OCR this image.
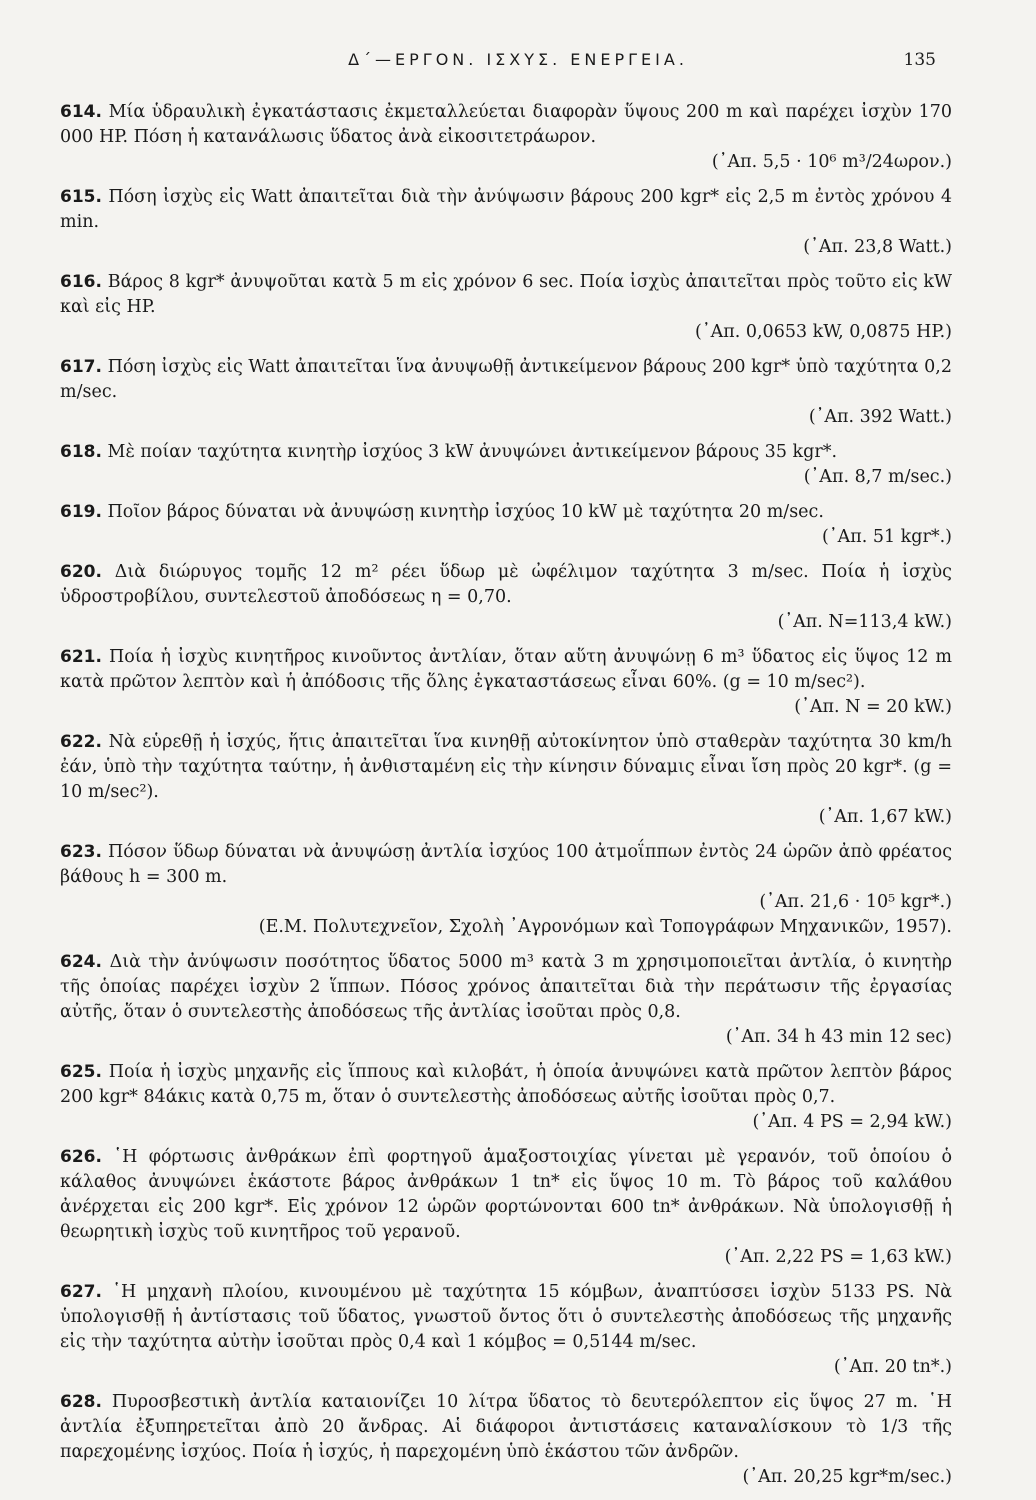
Δ΄—ΕΡΓΟΝ. ΙΣΧΥΣ. ΕΝΕΡΓΕΙΑ.	135
614. Μία ὑδραυλικὴ ἐγκατάστασις ἐκμεταλλεύεται διαφορὰν ὕψους 200 m καὶ παρέχει ἰσχὺν 170 000 HP. Πόση ἡ κατανάλωσις ὕδατος ἀνὰ εἰκοσιτετράωρον.
(᾿Απ. 5,5 · 10⁶ m³/24ωρον.)
615. Πόση ἰσχὺς εἰς Watt ἀπαιτεῖται διὰ τὴν ἀνύψωσιν βάρους 200 kgr* εἰς 2,5 m ἐντὸς χρόνου 4 min.
(᾿Απ. 23,8 Watt.)
616. Βάρος 8 kgr* ἀνυψοῦται κατὰ 5 m εἰς χρόνον 6 sec. Ποία ἰσχὺς ἀπαιτεῖται πρὸς τοῦτο εἰς kW καὶ εἰς HP.
(᾿Απ. 0,0653 kW, 0,0875 HP.)
617. Πόση ἰσχὺς εἰς Watt ἀπαιτεῖται ἵνα ἀνυψωθῇ ἀντικείμενον βάρους 200 kgr* ὑπὸ ταχύτητα 0,2 m/sec.
(᾿Απ. 392 Watt.)
618. Μὲ ποίαν ταχύτητα κινητὴρ ἰσχύος 3 kW ἀνυψώνει ἀντικείμενον βάρους 35 kgr*.
(᾿Απ. 8,7 m/sec.)
619. Ποῖον βάρος δύναται νὰ ἀνυψώσῃ κινητὴρ ἰσχύος 10 kW μὲ ταχύτητα 20 m/sec.
(᾿Απ. 51 kgr*.)
620. Διὰ διώρυγος τομῆς 12 m² ρέει ὕδωρ μὲ ὠφέλιμον ταχύτητα 3 m/sec. Ποία ἡ ἰσχὺς ὑδροστροβίλου, συντελεστοῦ ἀποδόσεως η = 0,70.
(᾿Απ. N=113,4 kW.)
621. Ποία ἡ ἰσχὺς κινητῆρος κινοῦντος ἀντλίαν, ὅταν αὕτη ἀνυψώνῃ 6 m³ ὕδατος εἰς ὕψος 12 m κατὰ πρῶτον λεπτὸν καὶ ἡ ἀπόδοσις τῆς ὅλης ἐγκαταστάσεως εἶναι 60%. (g = 10 m/sec²).
(᾿Απ. N = 20 kW.)
622. Νὰ εὑρεθῇ ἡ ἰσχύς, ἥτις ἀπαιτεῖται ἵνα κινηθῇ αὐτοκίνητον ὑπὸ σταθερὰν ταχύτητα 30 km/h ἐάν, ὑπὸ τὴν ταχύτητα ταύτην, ἡ ἀνθισταμένη εἰς τὴν κίνησιν δύναμις εἶναι ἴση πρὸς 20 kgr*. (g = 10 m/sec²).
(᾿Απ. 1,67 kW.)
623. Πόσον ὕδωρ δύναται νὰ ἀνυψώσῃ ἀντλία ἰσχύος 100 ἀτμοΐππων ἐντὸς 24 ὡρῶν ἀπὸ φρέατος βάθους h = 300 m.
(᾿Απ. 21,6 · 10⁵ kgr*.)
(Ε.Μ. Πολυτεχνεῖον, Σχολὴ ᾿Αγρονόμων καὶ Τοπογράφων Μηχανικῶν, 1957).
624. Διὰ τὴν ἀνύψωσιν ποσότητος ὕδατος 5000 m³ κατὰ 3 m χρησιμοποιεῖται ἀντλία, ὁ κινητὴρ τῆς ὁποίας παρέχει ἰσχὺν 2 ἵππων. Πόσος χρόνος ἀπαιτεῖται διὰ τὴν περάτωσιν τῆς ἐργασίας αὐτῆς, ὅταν ὁ συντελεστὴς ἀποδόσεως τῆς ἀντλίας ἰσοῦται πρὸς 0,8.
(᾿Απ. 34 h 43 min 12 sec)
625. Ποία ἡ ἰσχὺς μηχανῆς εἰς ἵππους καὶ κιλοβάτ, ἡ ὁποία ἀνυψώνει κατὰ πρῶτον λεπτὸν βάρος 200 kgr* 84άκις κατὰ 0,75 m, ὅταν ὁ συντελεστὴς ἀποδόσεως αὐτῆς ἰσοῦται πρὸς 0,7.
(᾿Απ. 4 PS = 2,94 kW.)
626. ῾Η φόρτωσις ἀνθράκων ἐπὶ φορτηγοῦ ἁμαξοστοιχίας γίνεται μὲ γερανόν, τοῦ ὁποίου ὁ κάλαθος ἀνυψώνει ἑκάστοτε βάρος ἀνθράκων 1 tn* εἰς ὕψος 10 m. Τὸ βάρος τοῦ καλάθου ἀνέρχεται εἰς 200 kgr*. Εἰς χρόνον 12 ὡρῶν φορτώνονται 600 tn* ἀνθράκων. Νὰ ὑπολογισθῇ ἡ θεωρητικὴ ἰσχὺς τοῦ κινητῆρος τοῦ γερανοῦ.
(᾿Απ. 2,22 PS = 1,63 kW.)
627. ῾Η μηχανὴ πλοίου, κινουμένου μὲ ταχύτητα 15 κόμβων, ἀναπτύσσει ἰσχὺν 5133 PS. Νὰ ὑπολογισθῇ ἡ ἀντίστασις τοῦ ὕδατος, γνωστοῦ ὄντος ὅτι ὁ συντελεστὴς ἀποδόσεως τῆς μηχανῆς εἰς τὴν ταχύτητα αὐτὴν ἰσοῦται πρὸς 0,4 καὶ 1 κόμβος = 0,5144 m/sec.
(᾿Απ. 20 tn*.)
628. Πυροσβεστικὴ ἀντλία καταιονίζει 10 λίτρα ὕδατος τὸ δευτερόλεπτον εἰς ὕψος 27 m. ῾Η ἀντλία ἐξυπηρετεῖται ἀπὸ 20 ἄνδρας. Αἱ διάφοροι ἀντιστάσεις καταναλίσκουν τὸ 1/3 τῆς παρεχομένης ἰσχύος. Ποία ἡ ἰσχύς, ἡ παρεχομένη ὑπὸ ἑκάστου τῶν ἀνδρῶν.
(᾿Απ. 20,25 kgr*m/sec.)
